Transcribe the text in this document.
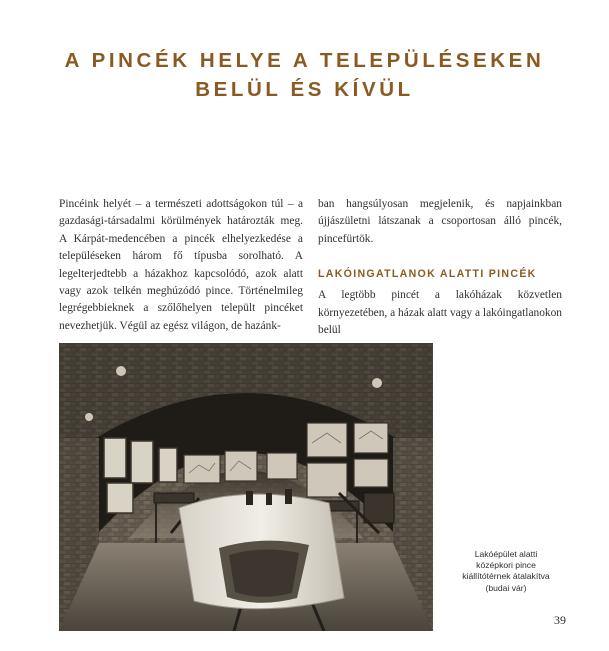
A PINCÉK HELYE A TELEPÜLÉSEKEN
BELÜL ÉS KÍVÜL

Pincéink helyét – a természeti adottságokon túl – a gazdasági-társadalmi körülmények határozták meg. A Kárpát-medencében a pincék elhelyezkedése a településeken három fő típusba sorolható. A legelterjedtebb a házakhoz kapcsolódó, azok alatt vagy azok telkén meghúzódó pince. Történelmileg legrégebbieknek a szőlőhelyen települt pincéket nevezhetjük. Végül az egész világon, de hazánk-

ban hangsúlyosan megjelenik, és napjainkban újjászületni látszanak a csoportosan álló pincék, pincefürtök.

LAKÓINGATLANOK ALATTI PINCÉK

A legtöbb pincét a lakóházak közvetlen környezetében, a házak alatt vagy a lakóingatlanokon belül

Lakóépület alatti
középkori pince
kiállítótérnek átalakítva
(budai vár)
39
